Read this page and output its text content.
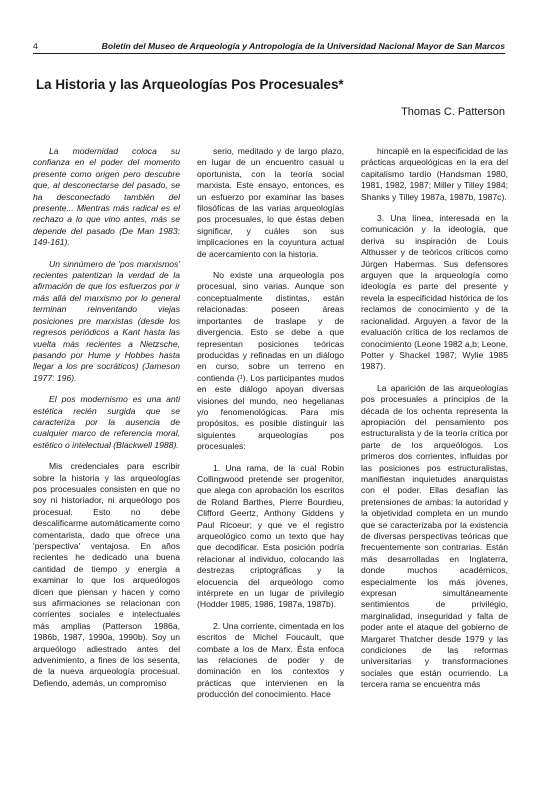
4	Boletín del Museo de Arqueología y Antropología de la Universidad Nacional Mayor de San Marcos
La Historia y las Arqueologías Pos Procesuales*
Thomas C. Patterson

La modernidad coloca su confianza en el poder del momento presente como origen pero descubre que, al desconectarse del pasado, se ha desconectado también del presente... Mientras más radical es el rechazo a lo que vino antes, más se depende del pasado (De Man 1983: 149-161).

Un sinnúmero de 'pos marxismos' recientes patentizan la verdad de la afirmación de que los esfuerzos por ir más allá del marxismo por lo general terminan reinventando viejas posiciones pre marxistas (desde los regresos periódicos a Kant hasta las vuelta más recientes a Nietzsche, pasando por Hume y Hobbes hasta llegar a los pre socráticos) (Jameson 1977: 196).

El pos modernismo es una anti estética recién surgida que se caracteriza por la ausencia de cualquier marco de referencia moral, estético o intelectual (Blackwell 1988).

Mis credenciales para escribir sobre la historia y las arqueologías pos procesuales consisten en que no soy ni historiador, ni arqueólogo pos procesual. Esto no debe descalificarme automáticamente como comentarista, dado que ofrece una 'perspectiva' ventajosa. En años recientes he dedicado una buena cantidad de tiempo y energía a examinar lo que los arqueólogos dicen que piensan y hacen y como sus afirmaciones se relacionan con corrientes sociales e intelectuales más amplias (Patterson 1986a, 1986b, 1987, 1990a, 1990b). Soy un arqueólogo adiestrado antes del advenimiento, a fines de los sesenta, de la nueva arqueología procesual. Defiendo, además, un compromiso

serio, meditado y de largo plazo, en lugar de un encuentro casual u oportunista, con la teoría social marxista. Este ensayo, entonces, es un esfuerzo por examinar las bases filosóficas de las varias arqueologías pos procesuales, lo que éstas deben significar, y cuáles son sus implicaciones en la coyuntura actual de acercamiento con la historia.

No existe una arqueología pos procesual, sino varias. Aunque son conceptualmente distintas, están relacionadas: poseen áreas importantes de traslape y de divergencia. Esto se debe a que representan posiciones teóricas producidas y refinadas en un diálogo en curso, sobre un terreno en contienda (¹). Los participantes mudos en este diálogo apoyan diversas visiones del mundo, neo hegelianas y/o fenomenológicas. Para mis propósitos, es posible distinguir las siguientes arqueologías pos procesuales:

1. Una rama, de la cual Robin Collingwood pretende ser progenitor, que alega con aprobación los escritos de Roland Barthes, Pierre Bourdieu, Clifford Geertz, Anthony Giddens y Paul Ricoeur; y que ve el registro arqueológico como un texto que hay que decodificar. Esta posición podría relacionar al individuo, colocando las destrezas criptográficas y la elocuencia del arqueólogo como intérprete en un lugar de privilegio (Hodder 1985, 1986, 1987a, 1987b).

2. Una corriente, cimentada en los escritos de Michel Foucault, que combate a los de Marx. Ésta enfoca las relaciones de poder y de dominación en los contextos y prácticas que intervienen en la producción del conocimiento. Hace

hincapié en la especificidad de las prácticas arqueológicas en la era del capitalismo tardío (Handsman 1980, 1981, 1982, 1987; Miller y Tilley 1984; Shanks y Tilley 1987a, 1987b, 1987c).

3. Una línea, interesada en la comunicación y la ideología, que deriva su inspiración de Louis Althusser y de teóricos críticos como Jürgen Habermas. Sus defensores arguyen que la arqueología como ideología es parte del presente y revela la especificidad histórica de los reclamos de conocimiento y de la racionalidad. Arguyen a favor de la evaluación crítica de los reclamos de conocimiento (Leone 1982 a,b; Leone, Potter y Shackel 1987; Wylie 1985 1987).

La aparición de las arqueologías pos procesuales a principios de la década de los ochenta representa la apropiación del pensamiento pos estructuralista y de la teoría crítica por parte de los arqueólogos. Los primeros dos corrientes, influidas por las posiciones pos estructuralistas, manifiestan inquietudes anarquistas con el poder. Ellas desafían las pretensiones de ambas: la autoridad y la objetividad completa en un mundo que se caracterizaba por la existencia de diversas perspectivas teóricas que frecuentemente son contrarias. Están más desarrolladas en Inglaterra, donde muchos académicos, especialmente los más jóvenes, expresan simultáneamente sentimientos de privilegio, marginalidad, inseguridad y falta de poder ante el ataque del gobierno de Margaret Thatcher desde 1979 y las condiciones de las reformas universitarias y transformaciones sociales que están ocurriendo. La tercera rama se encuentra más
